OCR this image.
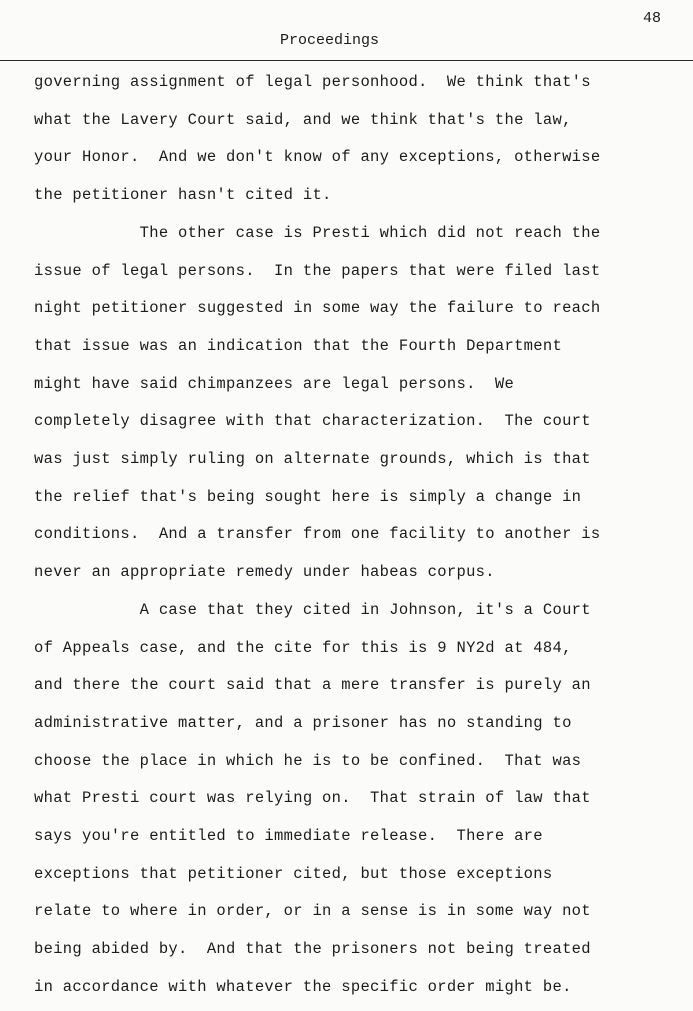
48
Proceedings
governing assignment of legal personhood.  We think that's
what the Lavery Court said, and we think that's the law,
your Honor.  And we don't know of any exceptions, otherwise
the petitioner hasn't cited it.
The other case is Presti which did not reach the
issue of legal persons.  In the papers that were filed last
night petitioner suggested in some way the failure to reach
that issue was an indication that the Fourth Department
might have said chimpanzees are legal persons.  We
completely disagree with that characterization.  The court
was just simply ruling on alternate grounds, which is that
the relief that's being sought here is simply a change in
conditions.  And a transfer from one facility to another is
never an appropriate remedy under habeas corpus.
A case that they cited in Johnson, it's a Court
of Appeals case, and the cite for this is 9 NY2d at 484,
and there the court said that a mere transfer is purely an
administrative matter, and a prisoner has no standing to
choose the place in which he is to be confined.  That was
what Presti court was relying on.  That strain of law that
says you're entitled to immediate release.  There are
exceptions that petitioner cited, but those exceptions
relate to where in order, or in a sense is in some way not
being abided by.  And that the prisoners not being treated
in accordance with whatever the specific order might be.
